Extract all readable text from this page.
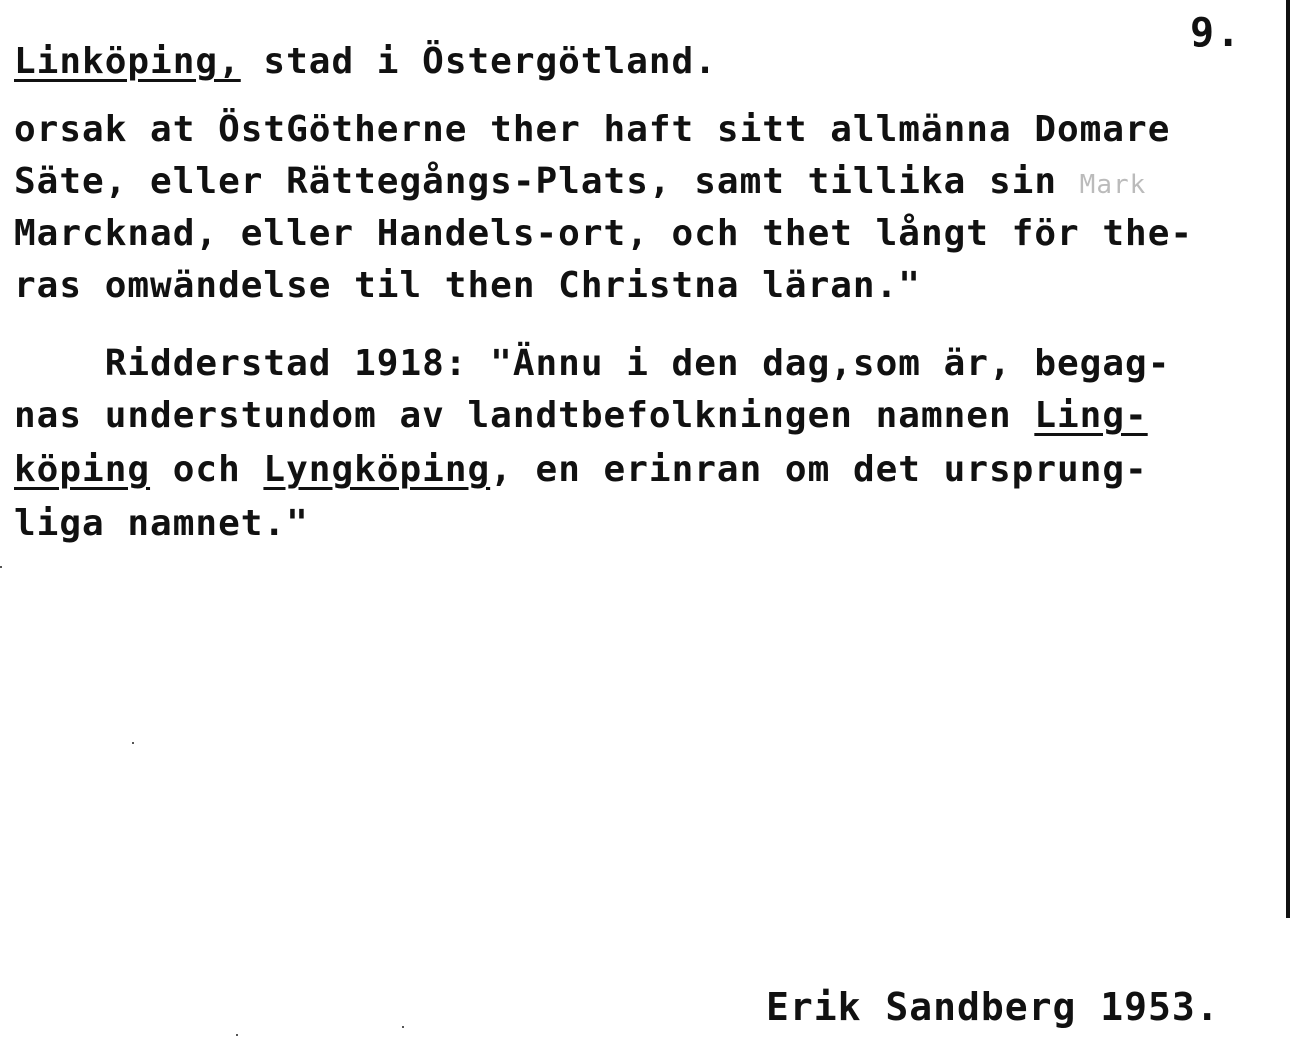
9.
Linköping, stad i Östergötland.
orsak at ÖstGötherne ther haft sitt allmänna Domare
Säte, eller Rättegångs-Plats, samt tillika sin Mark
Marcknad, eller Handels-ort, och thet långt för the-
ras omwändelse til then Christna läran."
Ridderstad 1918: "Ännu i den dag,som är, begag-
nas understundom av landtbefolkningen namnen Ling-
köping och Lyngköping, en erinran om det ursprung-
liga namnet."
Erik Sandberg 1953.
